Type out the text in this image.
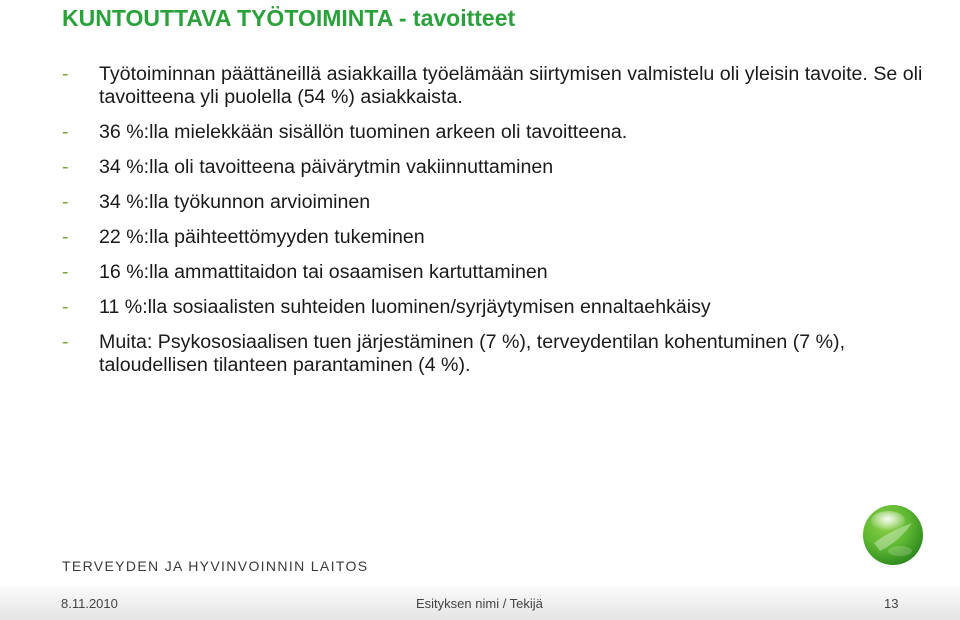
KUNTOUTTAVA TYÖTOIMINTA - tavoitteet
- Työtoiminnan päättäneillä asiakkailla työelämään siirtymisen valmistelu oli yleisin tavoite. Se oli tavoitteena yli puolella (54 %) asiakkaista.
- 36 %:lla mielekkään sisällön tuominen arkeen oli tavoitteena.
- 34 %:lla oli tavoitteena päivärytmin vakiinnuttaminen
- 34 %:lla työkunnon arvioiminen
- 22 %:lla päihteettömyyden tukeminen
- 16 %:lla ammattitaidon tai osaamisen kartuttaminen
- 11 %:lla sosiaalisten suhteiden luominen/syrjäytymisen ennaltaehkäisy
- Muita: Psykososiaalisen tuen järjestäminen (7 %), terveydentilan kohentuminen (7 %), taloudellisen tilanteen parantaminen (4 %).
TERVEYDEN JA HYVINVOINNIN LAITOS
8.11.2010	Esityksen nimi / Tekijä	13
